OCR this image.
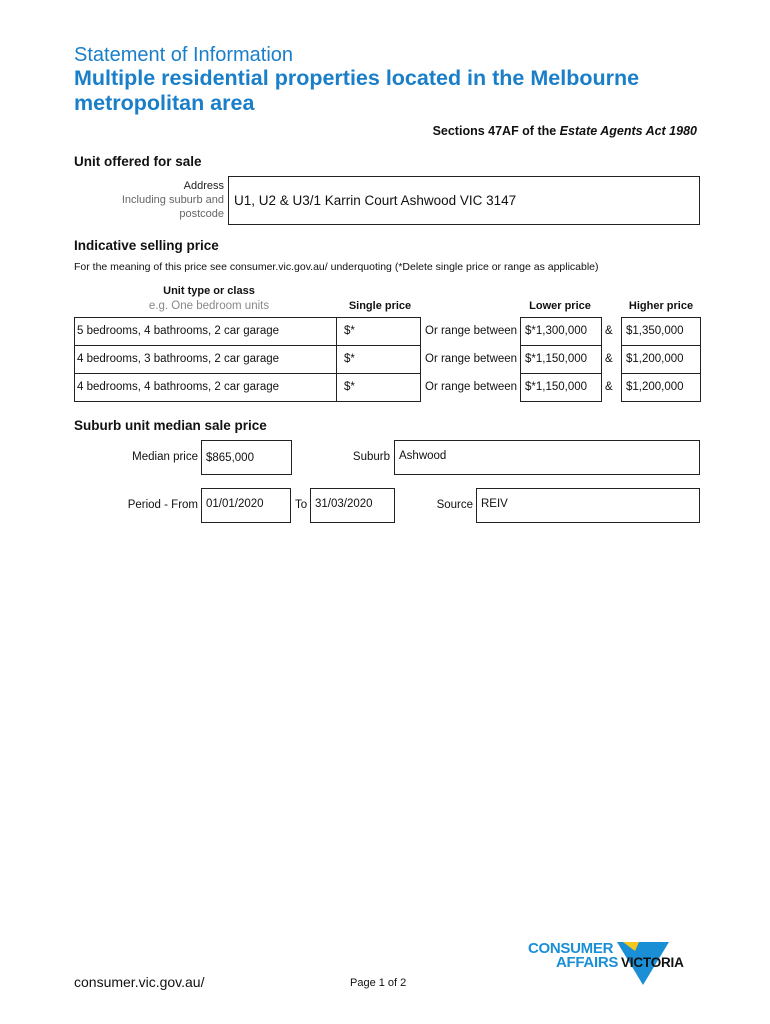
Statement of Information
Multiple residential properties located in the Melbourne metropolitan area
Sections 47AF of the Estate Agents Act 1980
Unit offered for sale
Address
Including suburb and
postcode
U1, U2 & U3/1 Karrin Court Ashwood VIC 3147
Indicative selling price
For the meaning of this price see consumer.vic.gov.au/ underquoting (*Delete single price or range as applicable)
Unit type or class
e.g. One bedroom units	Single price	Lower price	Higher price
5 bedrooms, 4 bathrooms, 2 car garage	$*	Or range between $*1,300,000 & $1,350,000
4 bedrooms, 3 bathrooms, 2 car garage	$*	Or range between $*1,150,000 & $1,200,000
4 bedrooms, 4 bathrooms, 2 car garage	$*	Or range between $*1,150,000 & $1,200,000
Suburb unit median sale price
Median price $865,000	Suburb Ashwood
Period - From 01/01/2020	To 31/03/2020	Source REIV
CONSUMER
AFFAIRS VICTORIA
consumer.vic.gov.au/	Page 1 of 2
